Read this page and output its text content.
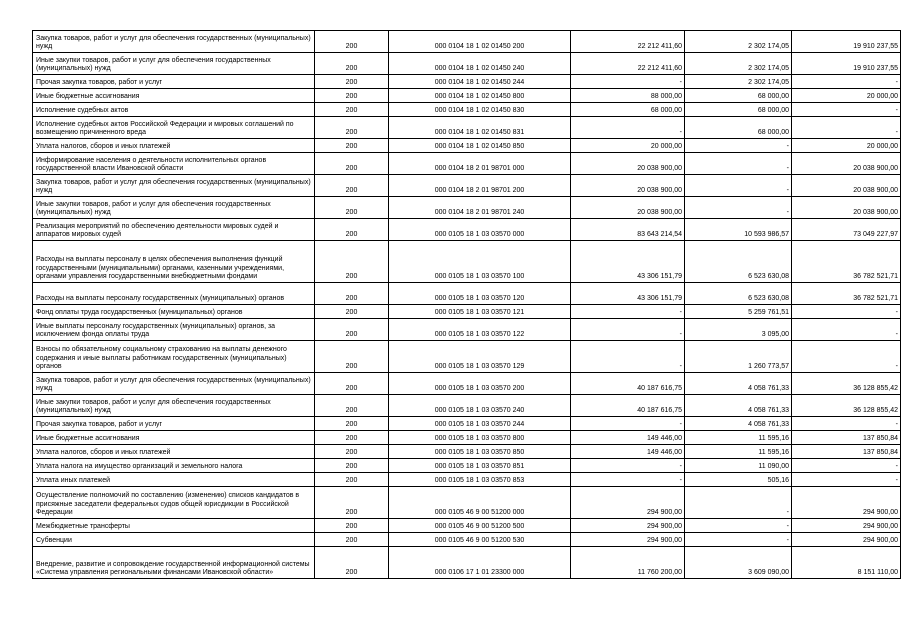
Закупка товаров, работ и услуг для обеспечения государственных (муниципальных) нужд	200	000 0104 18 1 02 01450 200	22 212 411,60	2 302 174,05	19 910 237,55
Иные закупки товаров, работ и услуг для обеспечения государственных (муниципальных) нужд	200	000 0104 18 1 02 01450 240	22 212 411,60	2 302 174,05	19 910 237,55
Прочая закупка товаров, работ и услуг	200	000 0104 18 1 02 01450 244	-	2 302 174,05	-
Иные бюджетные ассигнования	200	000 0104 18 1 02 01450 800	88 000,00	68 000,00	20 000,00
Исполнение судебных актов	200	000 0104 18 1 02 01450 830	68 000,00	68 000,00	-
Исполнение судебных актов Российской Федерации и мировых соглашений по возмещению причиненного вреда	200	000 0104 18 1 02 01450 831	-	68 000,00	-
Уплата налогов, сборов и иных платежей	200	000 0104 18 1 02 01450 850	20 000,00	-	20 000,00
Информирование населения о деятельности исполнительных органов государственной власти Ивановской области	200	000 0104 18 2 01 98701 000	20 038 900,00	-	20 038 900,00
Закупка товаров, работ и услуг для обеспечения государственных (муниципальных) нужд	200	000 0104 18 2 01 98701 200	20 038 900,00	-	20 038 900,00
Иные закупки товаров, работ и услуг для обеспечения государственных (муниципальных) нужд	200	000 0104 18 2 01 98701 240	20 038 900,00	-	20 038 900,00
Реализация мероприятий по обеспечению деятельности мировых судей и аппаратов мировых судей	200	000 0105 18 1 03 03570 000	83 643 214,54	10 593 986,57	73 049 227,97
Расходы на выплаты персоналу в целях обеспечения выполнения функций государственными (муниципальными) органами, казенными учреждениями, органами управления государственными внебюджетными фондами	200	000 0105 18 1 03 03570 100	43 306 151,79	6 523 630,08	36 782 521,71
Расходы на выплаты персоналу государственных (муниципальных) органов	200	000 0105 18 1 03 03570 120	43 306 151,79	6 523 630,08	36 782 521,71
Фонд оплаты труда государственных (муниципальных) органов	200	000 0105 18 1 03 03570 121	-	5 259 761,51	-
Иные выплаты персоналу государственных (муниципальных) органов, за исключением фонда оплаты труда	200	000 0105 18 1 03 03570 122	-	3 095,00	-
Взносы по обязательному социальному страхованию на выплаты денежного содержания и иные выплаты работникам государственных (муниципальных) органов	200	000 0105 18 1 03 03570 129	-	1 260 773,57	-
Закупка товаров, работ и услуг для обеспечения государственных (муниципальных) нужд	200	000 0105 18 1 03 03570 200	40 187 616,75	4 058 761,33	36 128 855,42
Иные закупки товаров, работ и услуг для обеспечения государственных (муниципальных) нужд	200	000 0105 18 1 03 03570 240	40 187 616,75	4 058 761,33	36 128 855,42
Прочая закупка товаров, работ и услуг	200	000 0105 18 1 03 03570 244	-	4 058 761,33	-
Иные бюджетные ассигнования	200	000 0105 18 1 03 03570 800	149 446,00	11 595,16	137 850,84
Уплата налогов, сборов и иных платежей	200	000 0105 18 1 03 03570 850	149 446,00	11 595,16	137 850,84
Уплата налога на имущество организаций и земельного налога	200	000 0105 18 1 03 03570 851	-	11 090,00	-
Уплата иных платежей	200	000 0105 18 1 03 03570 853	-	505,16	-
Осуществление полномочий по составлению (изменению) списков кандидатов в присяжные заседатели федеральных судов общей юрисдикции в Российской Федерации	200	000 0105 46 9 00 51200 000	294 900,00	-	294 900,00
Межбюджетные трансферты	200	000 0105 46 9 00 51200 500	294 900,00	-	294 900,00
Субвенции	200	000 0105 46 9 00 51200 530	294 900,00	-	294 900,00
Внедрение, развитие и сопровождение государственной информационной системы «Система управления региональными финансами Ивановской области»	200	000 0106 17 1 01 23300 000	11 760 200,00	3 609 090,00	8 151 110,00
